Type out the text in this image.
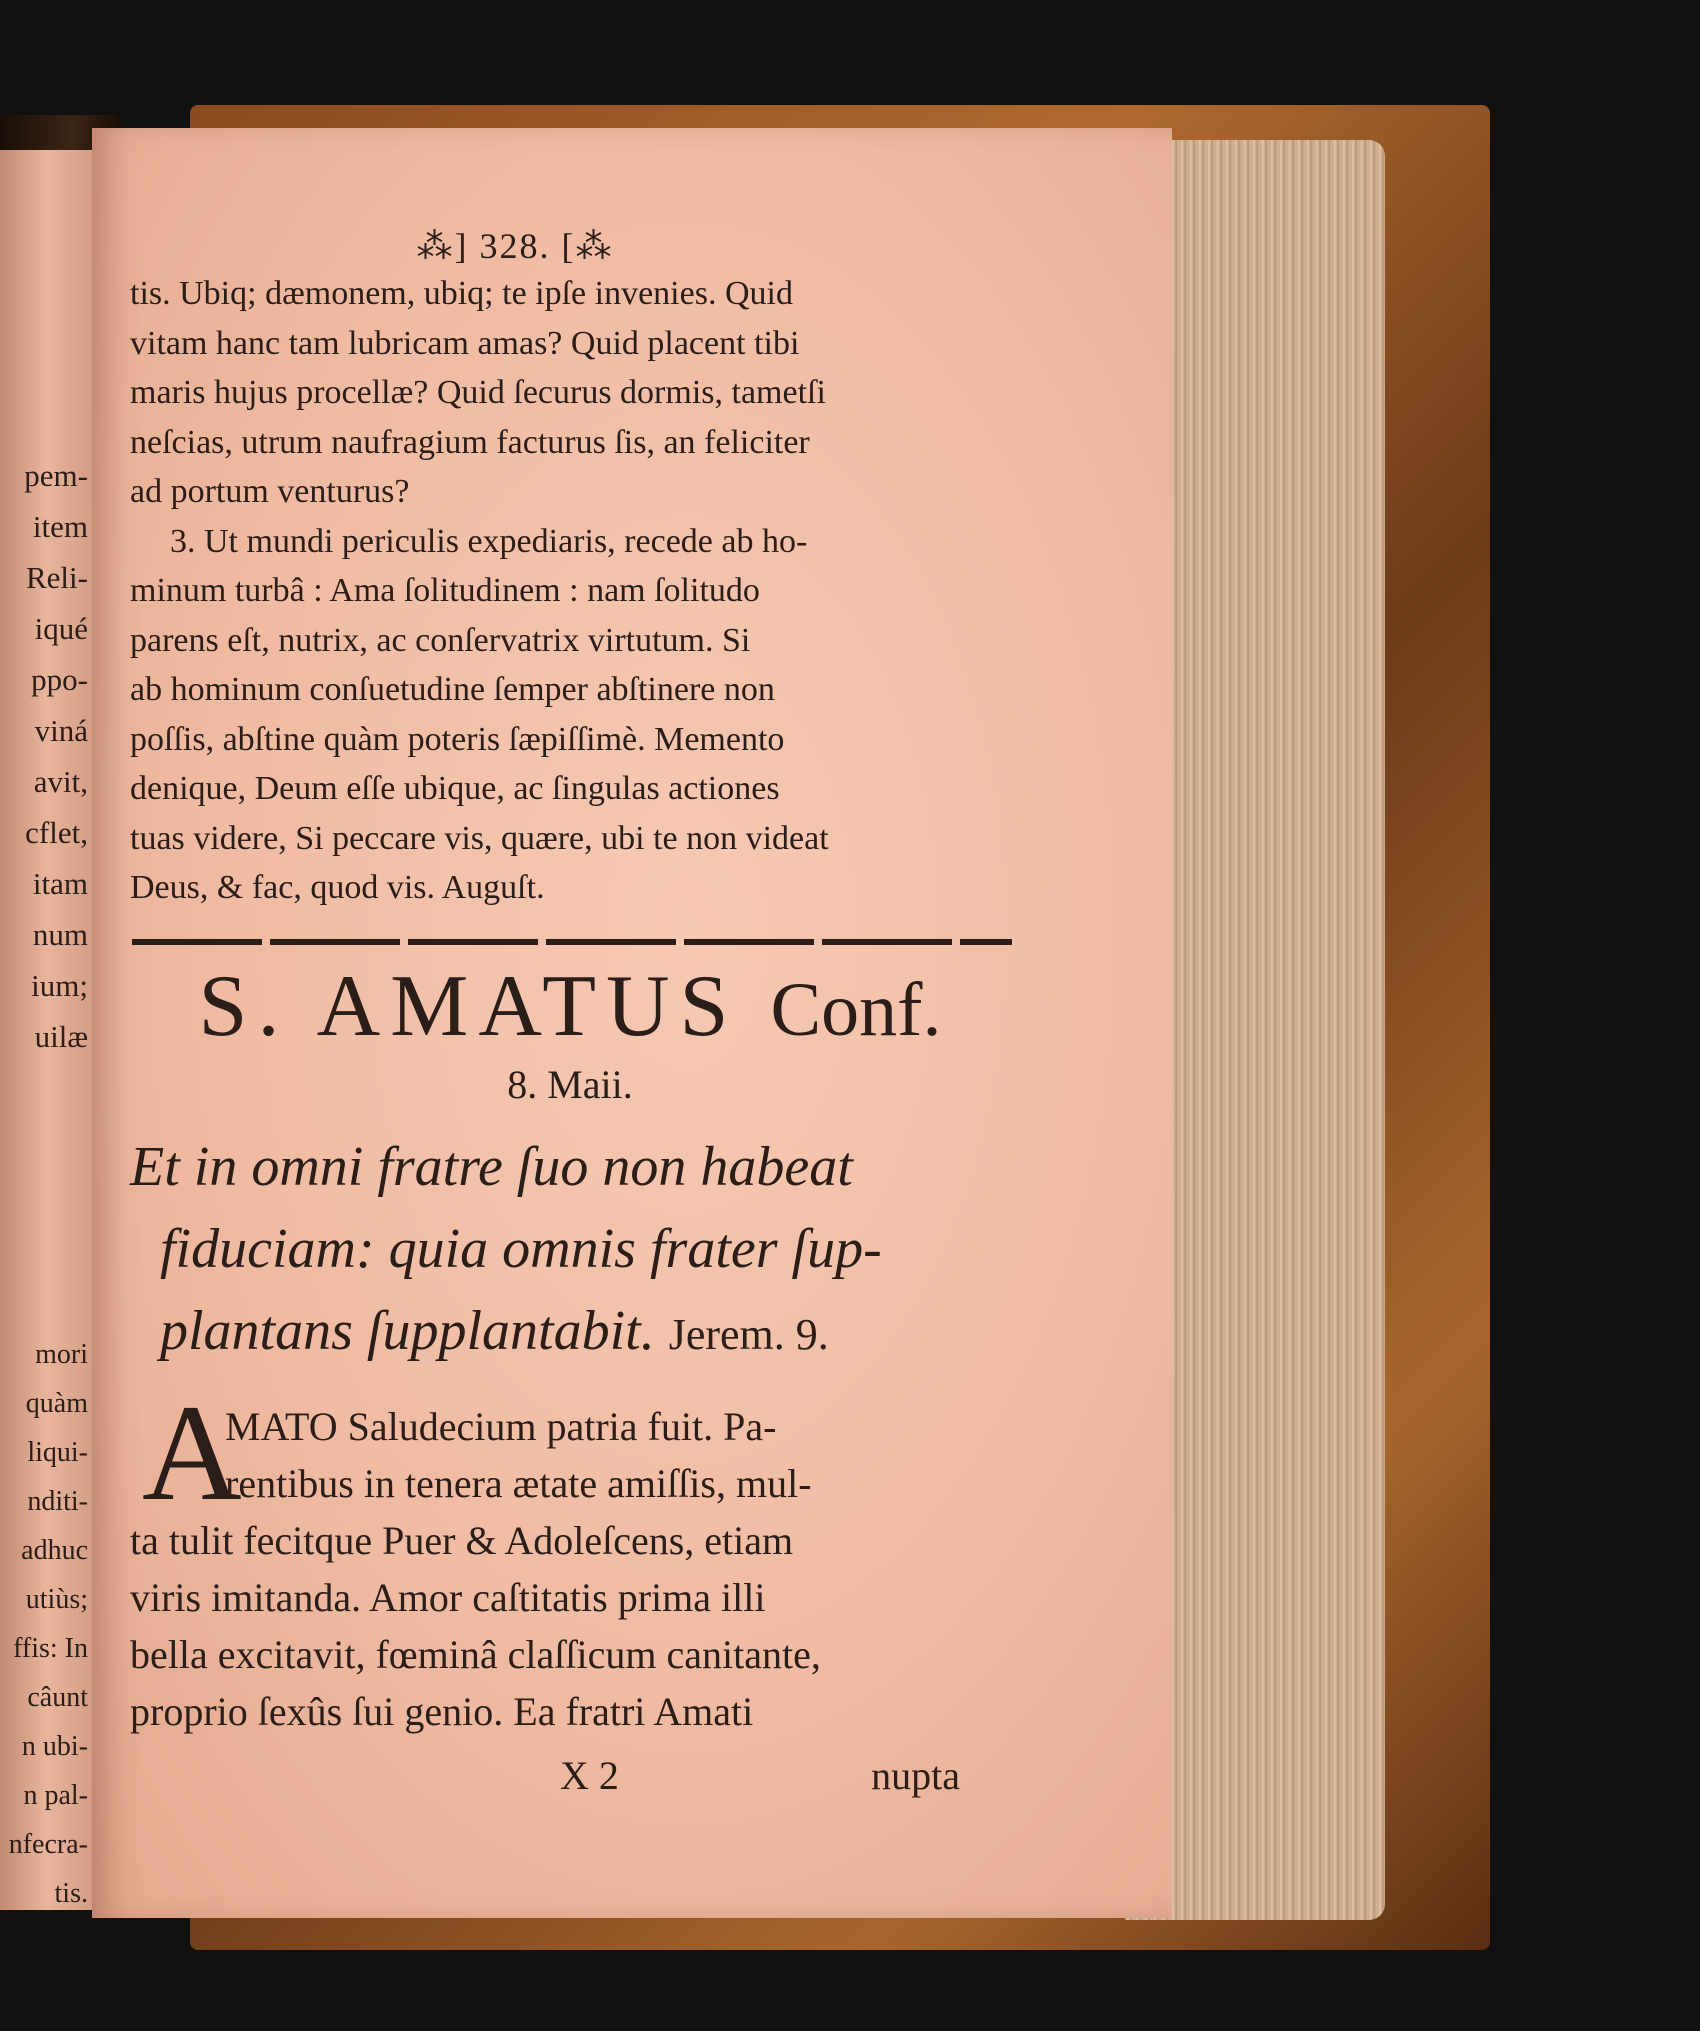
pem-
item
Reli-
iqué
ppo-
viná
avit,
cflet,
itam
num
ium;
uilæ
mori
quàm
liqui-
nditi-
adhuc
utiùs;
ffis: In
câunt
n ubi-
n pal-
nfecra-
tis.
⁂] 328. [⁂

tis. Ubiq; dæmonem, ubiq; te ipſe invenies. Quid

vitam hanc tam lubricam amas? Quid placent tibi

maris hujus procellæ? Quid ſecurus dormis, tametſi

neſcias, utrum naufragium facturus ſis, an feliciter

ad portum venturus?

3. Ut mundi periculis expediaris, recede ab ho-

minum turbâ : Ama ſolitudinem : nam ſolitudo

parens eſt, nutrix, ac conſervatrix virtutum. Si

ab hominum conſuetudine ſemper abſtinere non

poſſis, abſtine quàm poteris ſæpiſſimè. Memento

denique, Deum eſſe ubique, ac ſingulas actiones

tuas videre, Si peccare vis, quære, ubi te non videat

Deus, & fac, quod vis. Auguſt.

S. AMATUS Conf.
8. Maii.
Et in omni fratre ſuo non habeat
fiduciam: quia omnis frater ſup-
plantans ſupplantabit. Jerem. 9.
A

MATO Saludecium patria fuit. Pa-

rentibus in tenera ætate amiſſis, mul-

ta tulit fecitque Puer & Adoleſcens, etiam

viris imitanda. Amor caſtitatis prima illi

bella excitavit, fœminâ claſſicum canitante,

proprio ſexûs ſui genio. Ea fratri Amati

X 2	nupta
